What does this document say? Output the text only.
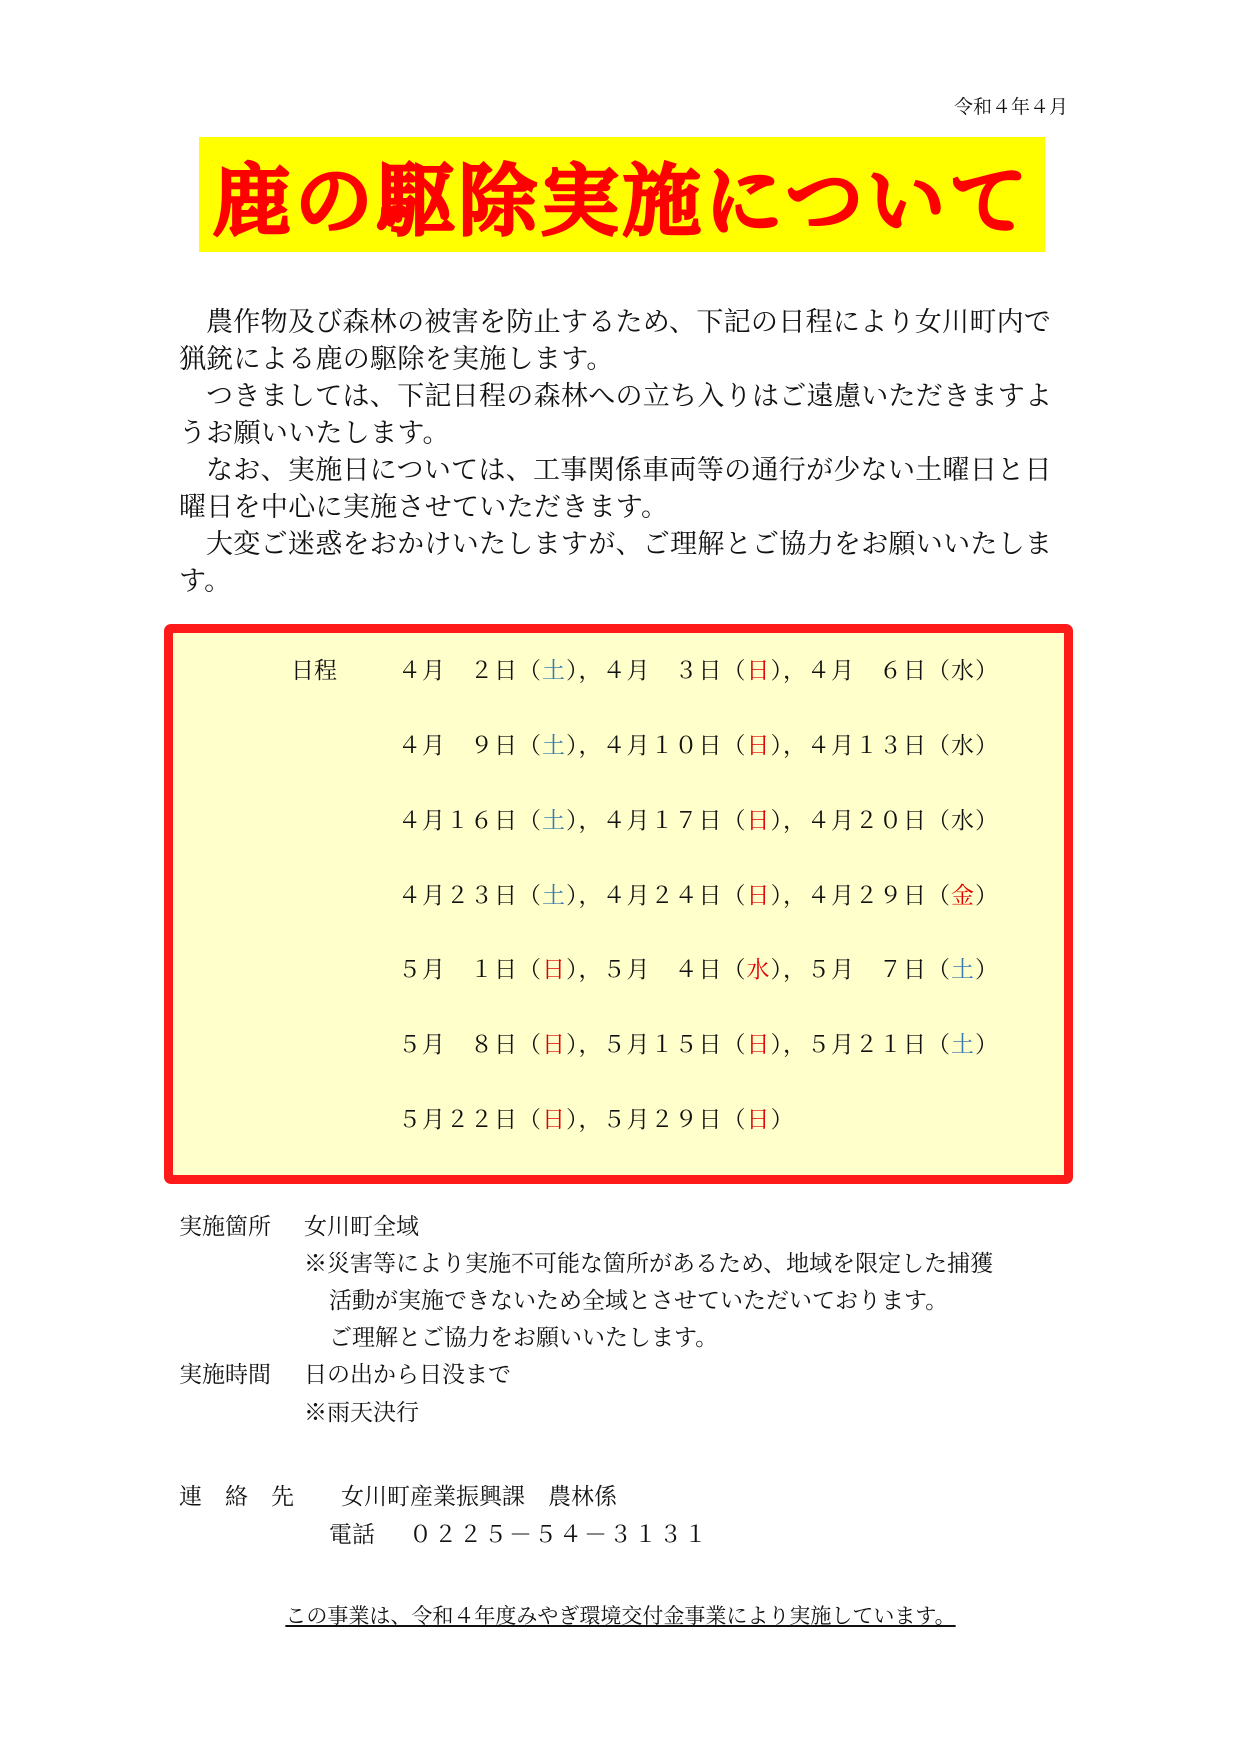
令和４年４月
鹿の駆除実施について

農作物及び森林の被害を防止するため、下記の日程により女川町内で猟銃による鹿の駆除を実施します。

つきましては、下記日程の森林への立ち入りはご遠慮いただきますようお願いいたします。

なお、実施日については、工事関係車両等の通行が少ない土曜日と日曜日を中心に実施させていただきます。

大変ご迷惑をおかけいたしますが、ご理解とご協力をお願いいたします。

日程	４月　２日（土），４月　３日（日），４月　６日（水）
４月　９日（土），４月１０日（日），４月１３日（水）
４月１６日（土），４月１７日（日），４月２０日（水）
４月２３日（土），４月２４日（日），４月２９日（金）
５月　１日（日），５月　４日（水），５月　７日（土）
５月　８日（日），５月１５日（日），５月２１日（土）
５月２２日（日），５月２９日（日）
実施箇所 女川町全域
※災害等により実施不可能な箇所があるため、地域を限定した捕獲
活動が実施できないため全域とさせていただいております。
ご理解とご協力をお願いいたします。
実施時間 日の出から日没まで
※雨天決行
連　絡　先 女川町産業振興課　農林係
電話 ０２２５－５４－３１３１
この事業は、令和４年度みやぎ環境交付金事業により実施しています。
